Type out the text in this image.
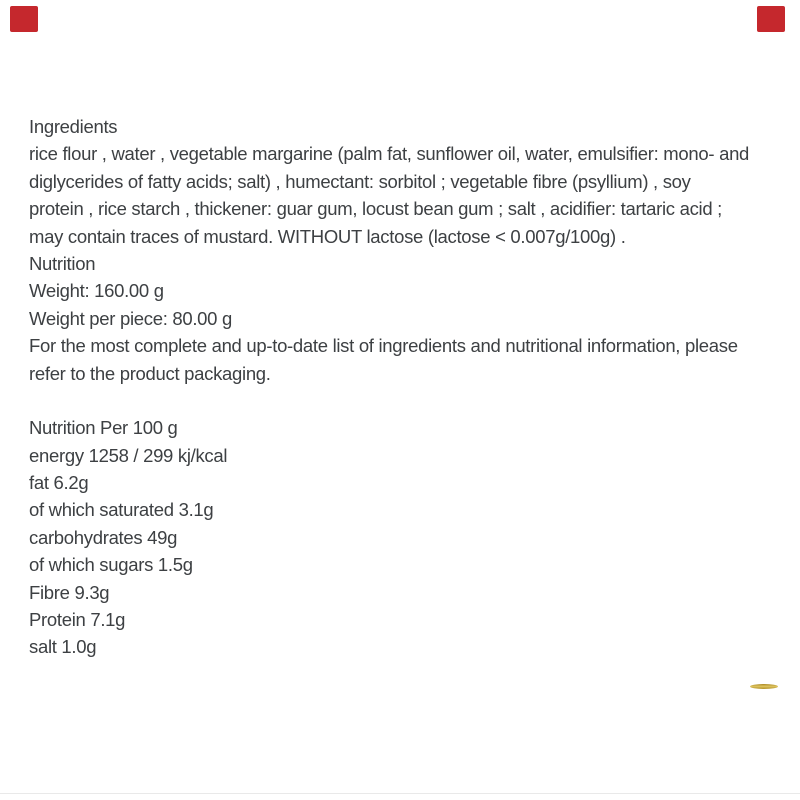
Ingredients
rice flour , water , vegetable margarine (palm fat, sunflower oil, water, emulsifier: mono- and
diglycerides of fatty acids; salt) , humectant: sorbitol ; vegetable fibre (psyllium) , soy
protein , rice starch , thickener: guar gum, locust bean gum ; salt , acidifier: tartaric acid ;
may contain traces of mustard. WITHOUT lactose (lactose < 0.007g/100g) .
Nutrition
Weight: 160.00 g
Weight per piece: 80.00 g
For the most complete and up-to-date list of ingredients and nutritional information, please
refer to the product packaging.
Nutrition Per 100 g
energy 1258 / 299 kj/kcal
fat 6.2g
of which saturated 3.1g
carbohydrates 49g
of which sugars 1.5g
Fibre 9.3g
Protein 7.1g
salt 1.0g
